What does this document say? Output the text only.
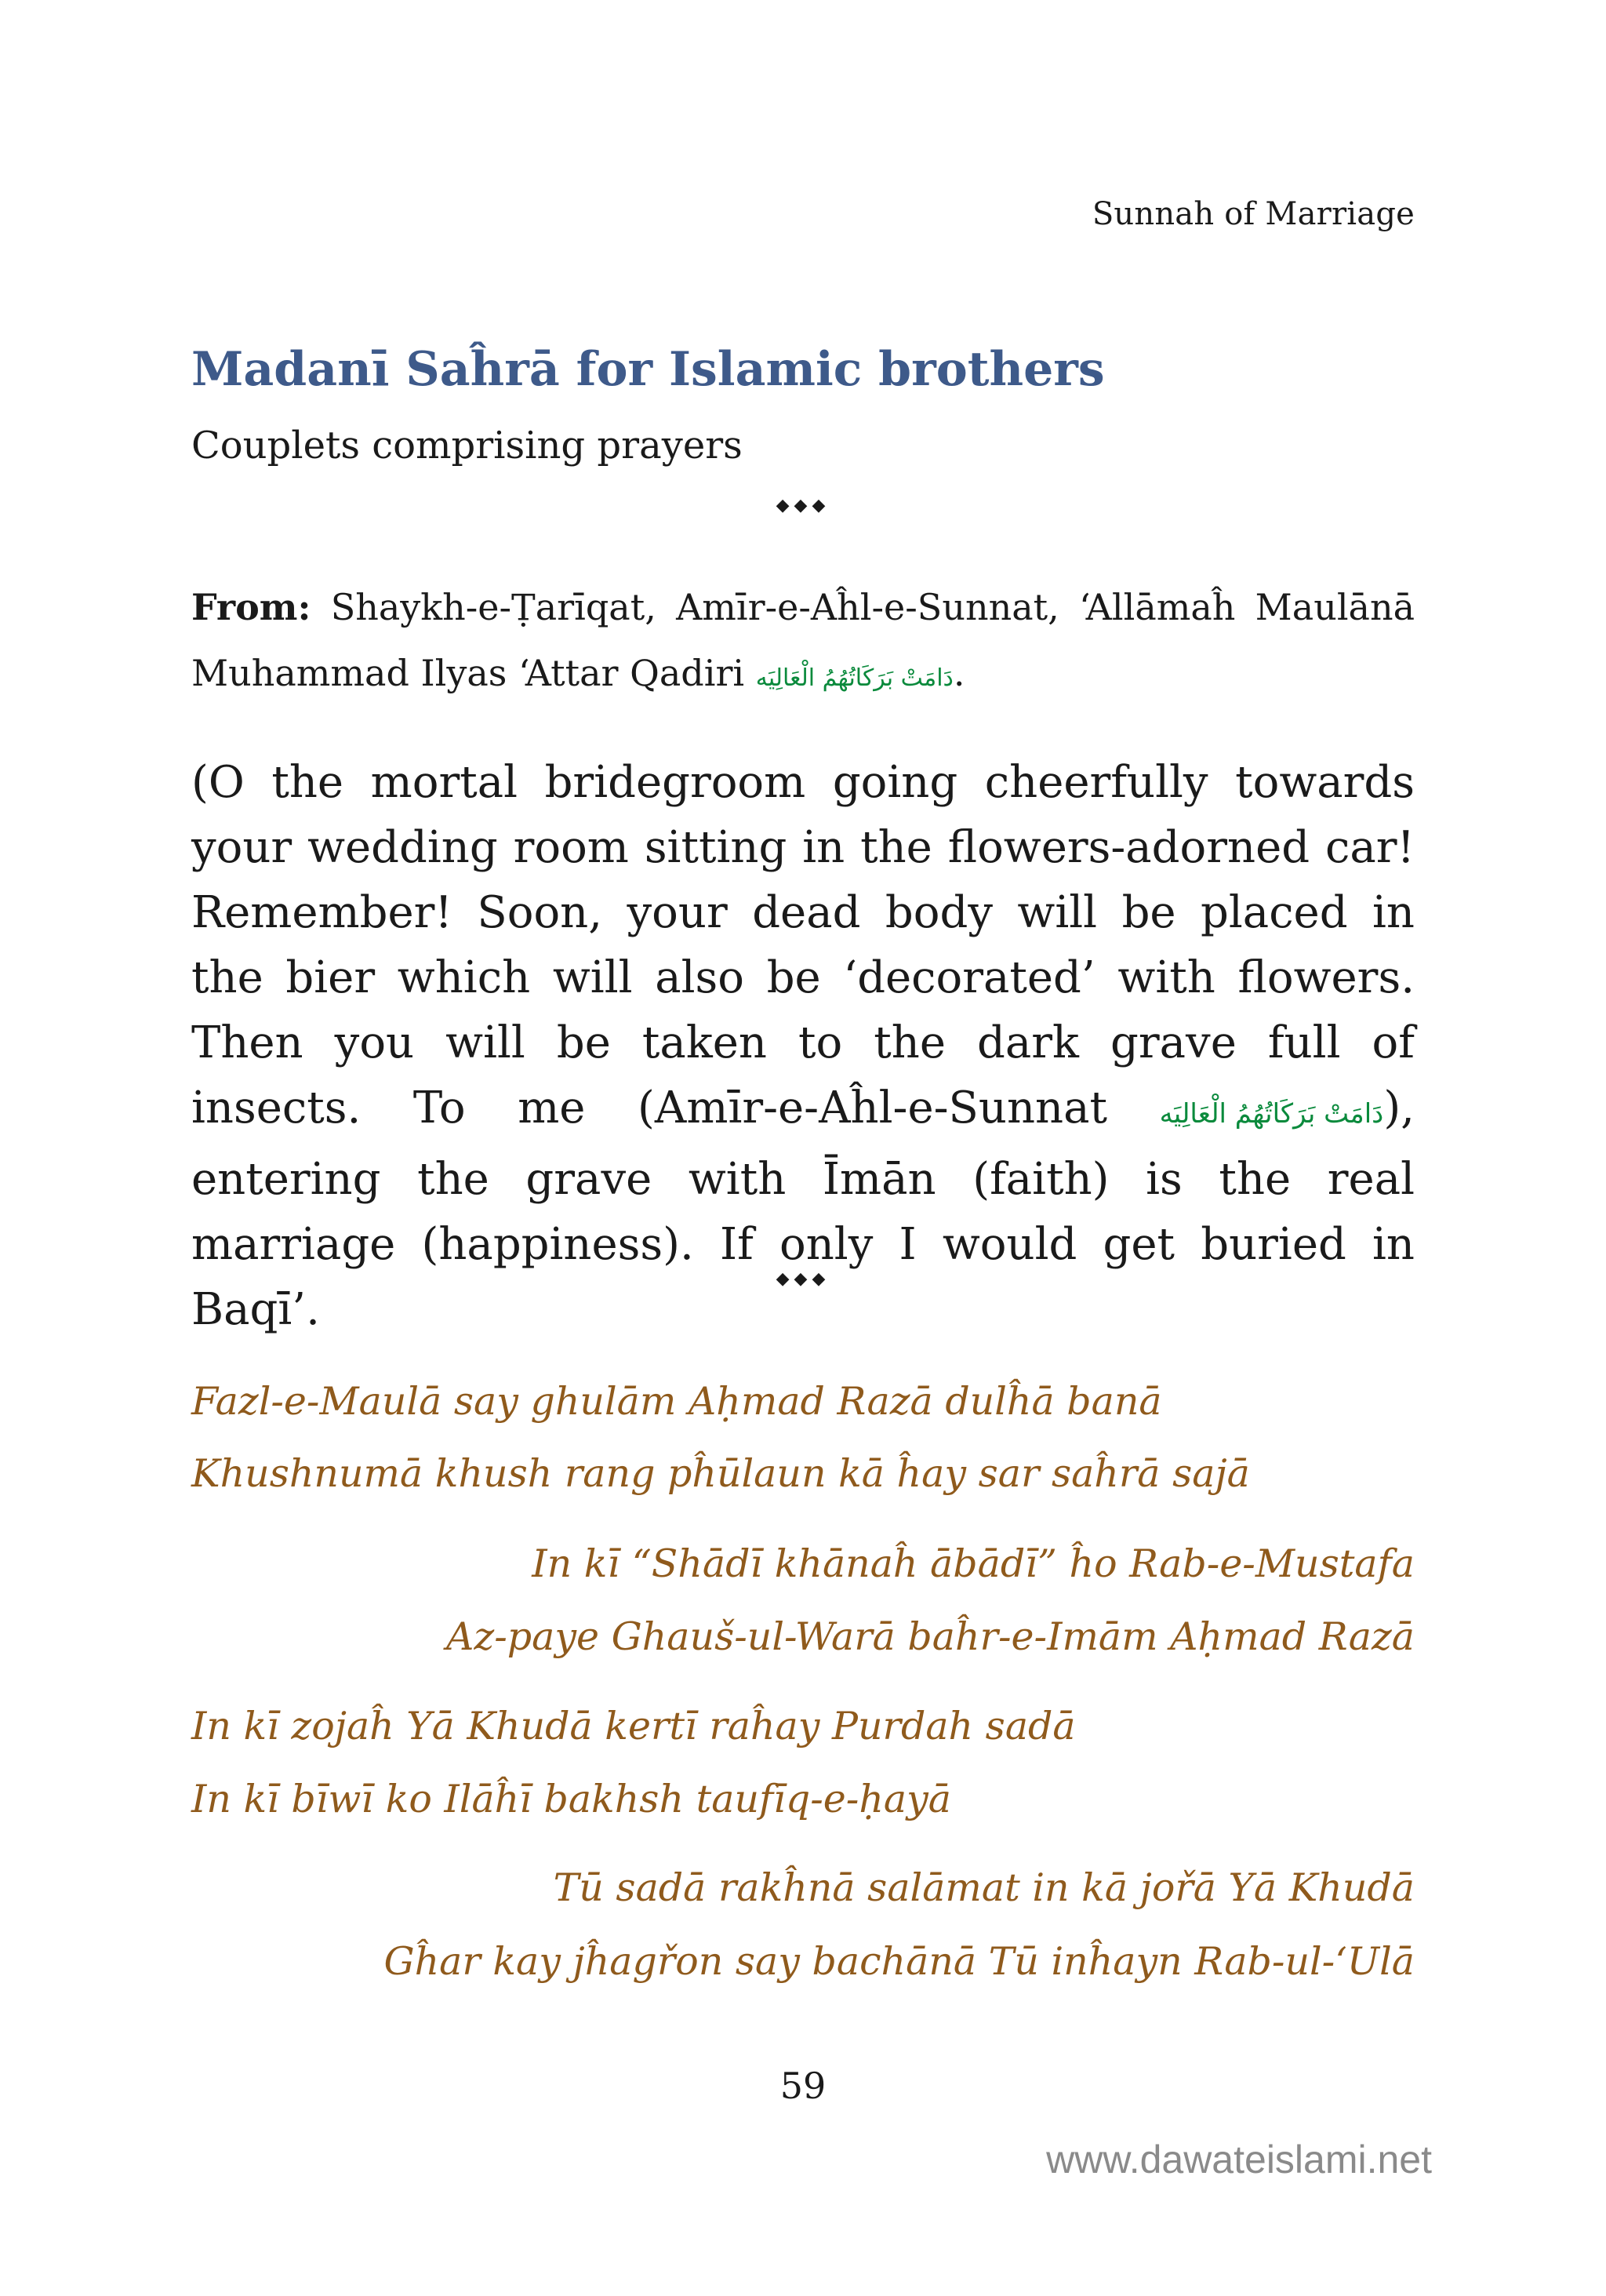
Sunnah of Marriage
Madanī Saĥrā for Islamic brothers
Couplets comprising prayers
◆◆◆
From: Shaykh-e-Ṭarīqat, Amīr-e-Aĥl-e-Sunnat, ‘Allāmaĥ Maulānā Muhammad Ilyas ‘Attar Qadiri دَامَتْ بَرَكَاتُهُمُ الْعَالِيَه.
(O the mortal bridegroom going cheerfully towards your wedding room sitting in the flowers-adorned car! Remember! Soon, your dead body will be placed in the bier which will also be ‘decorated’ with flowers. Then you will be taken to the dark grave full of insects. To me (Amīr-e-Aĥl-e-Sunnat دَامَتْ بَرَكَاتُهُمُ الْعَالِيَه), entering the grave with Īmān (faith) is the real marriage (happiness). If only I would get buried in Baqī’.
◆◆◆
Fazl-e-Maulā say ghulām Aḥmad Razā dulĥā banā
Khushnumā khush rang pĥūlaun kā ĥay sar saĥrā sajā
In kī “Shādī khānaĥ ābādī” ĥo Rab-e-Mustafa
Az-paye Ghauš-ul-Warā baĥr-e-Imām Aḥmad Razā
In kī zojaĥ Yā Khudā kertī raĥay Purdah sadā
In kī bīwī ko Ilāĥī bakhsh taufīq-e-ḥayā
Tū sadā rakĥnā salāmat in kā jořā Yā Khudā
Gĥar kay jĥagřon say bachānā Tū inĥayn Rab-ul-‘Ulā
59
www.dawateislami.net
